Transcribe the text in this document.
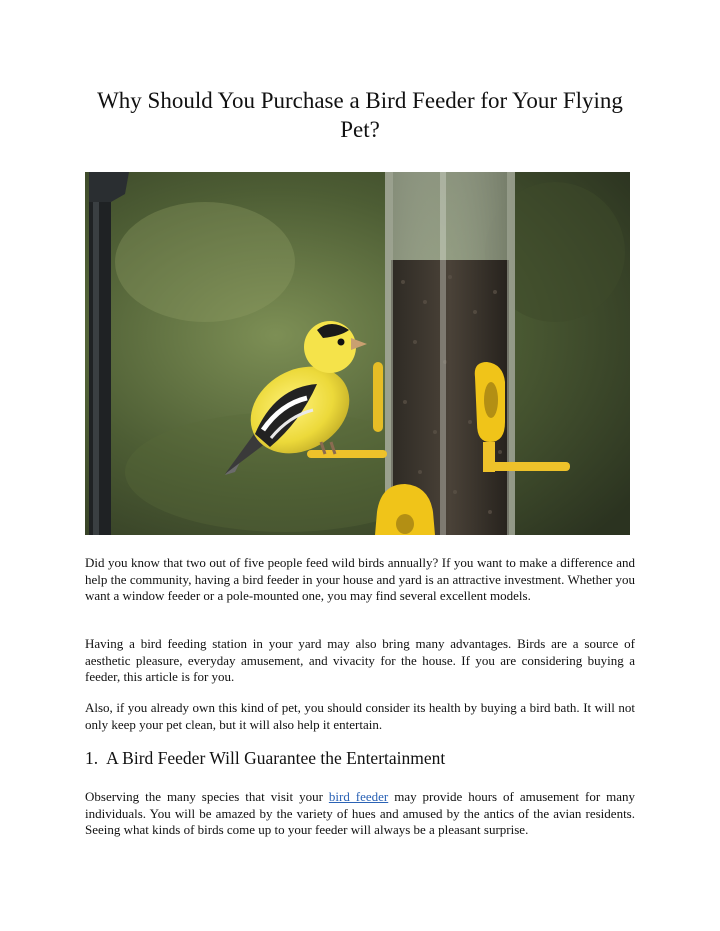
Why Should You Purchase a Bird Feeder for Your Flying Pet?

Did you know that two out of five people feed wild birds annually? If you want to make a difference and help the community, having a bird feeder in your house and yard is an attractive investment. Whether you want a window feeder or a pole-mounted one, you may find several excellent models.

Having a bird feeding station in your yard may also bring many advantages. Birds are a source of aesthetic pleasure, everyday amusement, and vivacity for the house. If you are considering buying a feeder, this article is for you.

Also, if you already own this kind of pet, you should consider its health by buying a bird bath. It will not only keep your pet clean, but it will also help it entertain.

1. A Bird Feeder Will Guarantee the Entertainment

Observing the many species that visit your bird feeder may provide hours of amusement for many individuals. You will be amazed by the variety of hues and amused by the antics of the avian residents. Seeing what kinds of birds come up to your feeder will always be a pleasant surprise.
